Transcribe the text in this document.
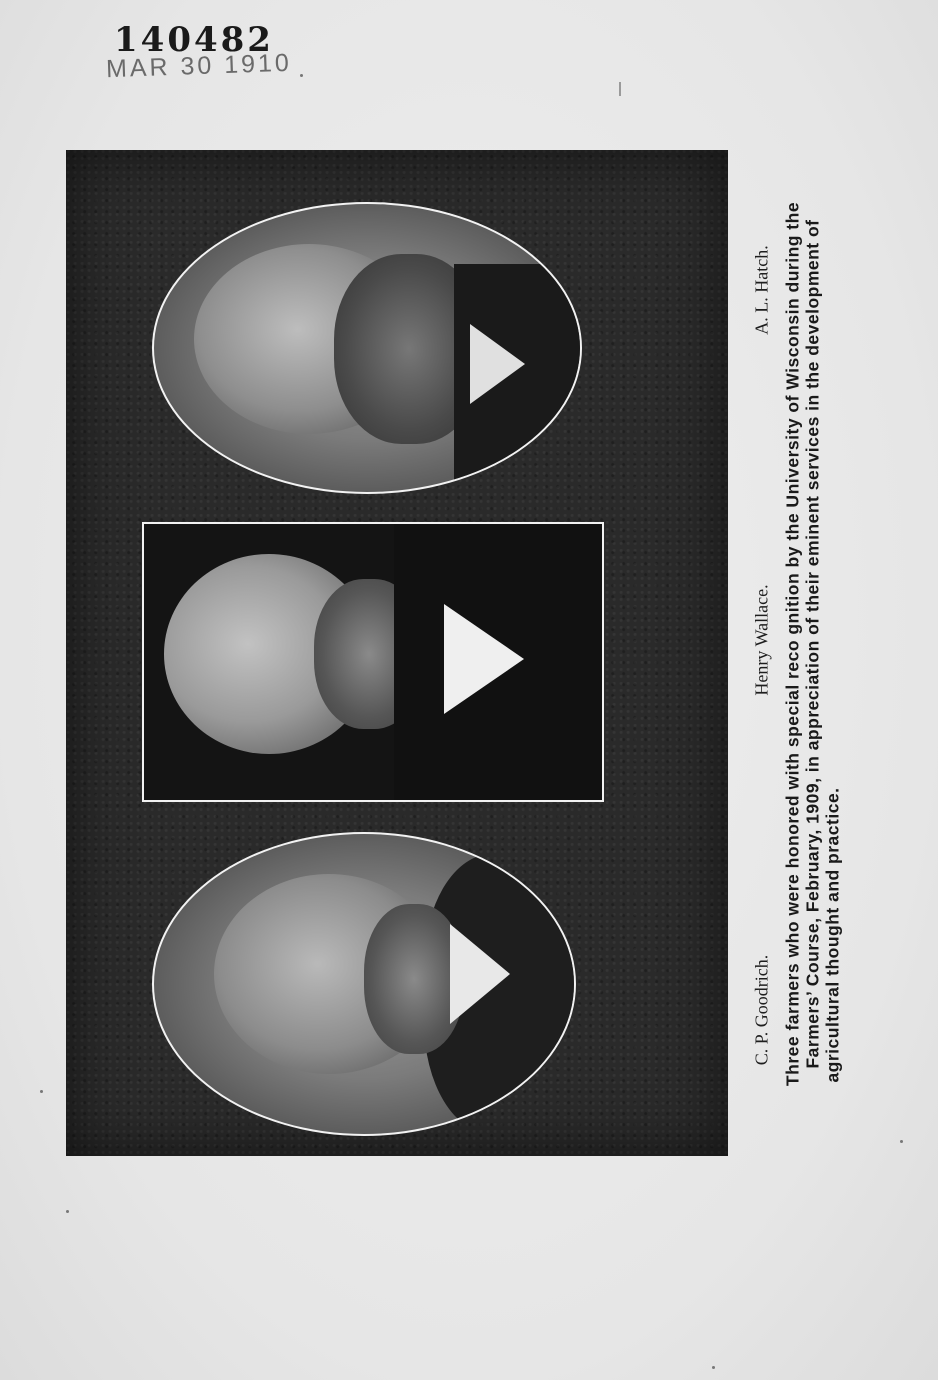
140482
MAR 30 1910
C. P. Goodrich.
Henry Wallace.
A. L. Hatch. Three farmers who were honored with special reco gnition by the University of Wisconsin during the Farmers’ Course, February, 1909, in appreciation of their eminent services in the development of agricultural thought and practice.
